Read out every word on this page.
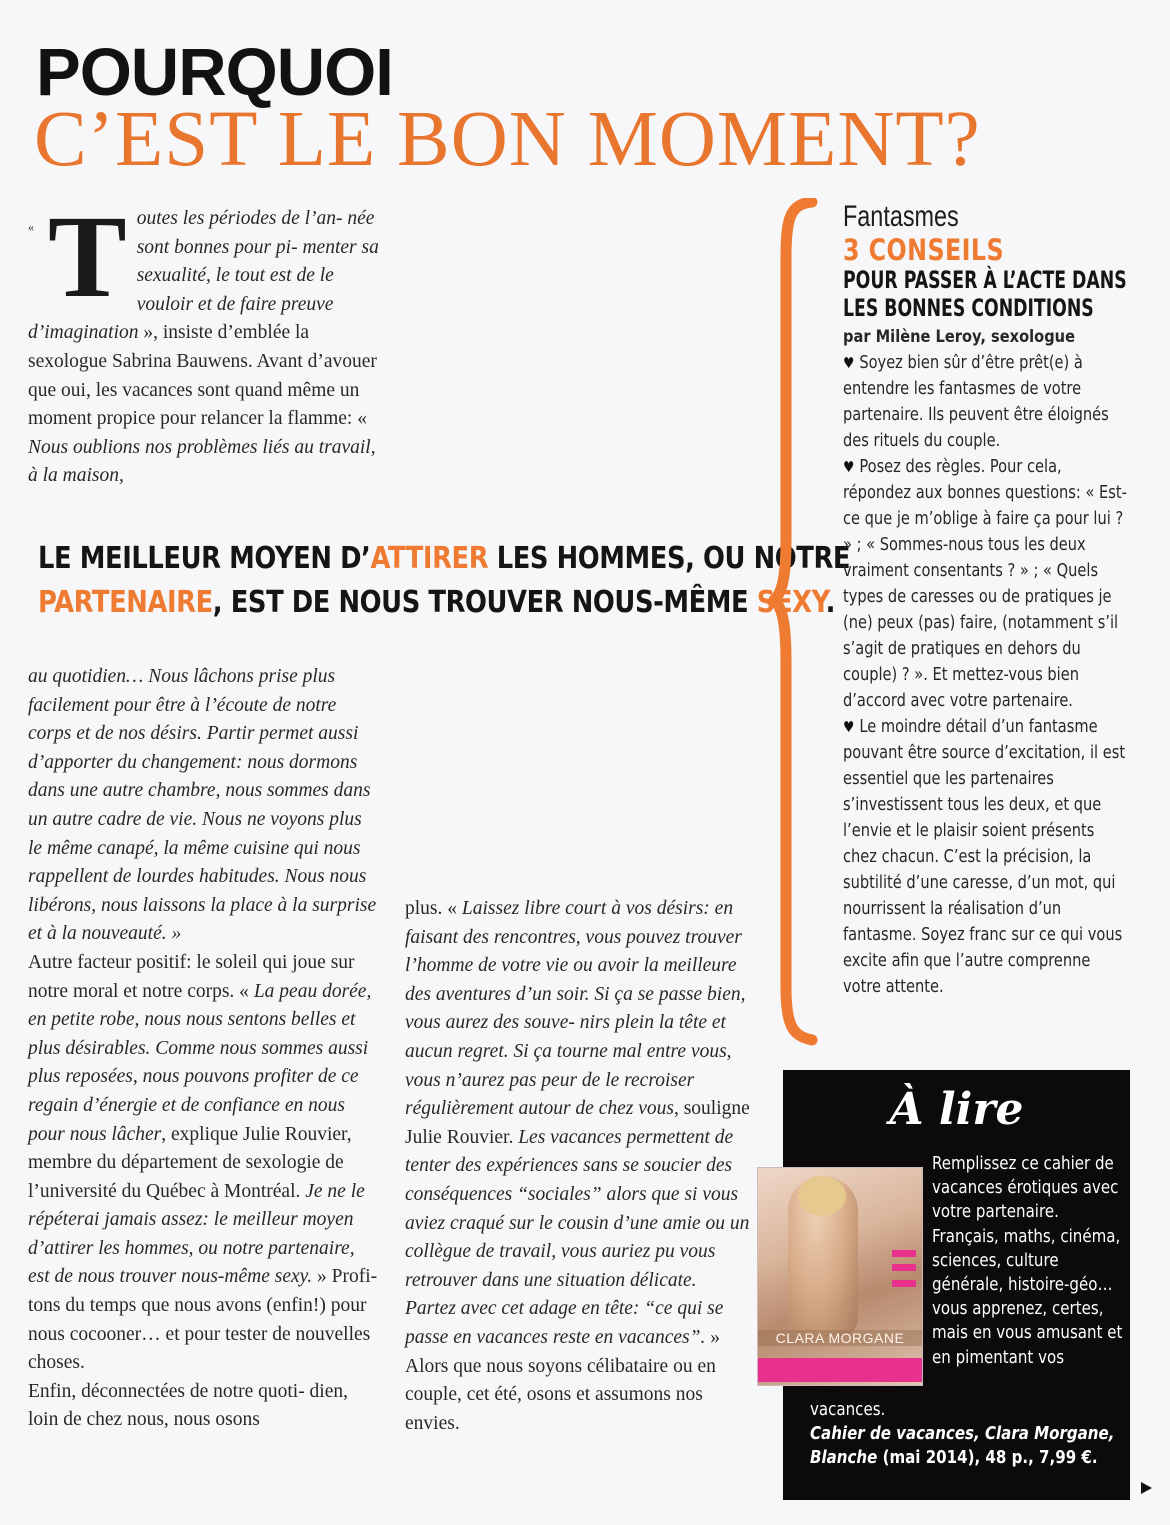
POURQUOI
C’EST LE BON MOMENT?
« T outes les périodes de l’an- née sont bonnes pour pi- menter sa sexualité, le tout est de le vouloir et de faire preuve d’imagination », insiste d’emblée la sexologue Sabrina Bauwens. Avant d’avouer que oui, les vacances sont quand même un moment propice pour relancer la flamme: « Nous oublions nos problèmes liés au travail, à la maison,

LE MEILLEUR MOYEN D’ATTIRER LES HOMMES, OU NOTRE
PARTENAIRE, EST DE NOUS TROUVER NOUS-MÊME SEXY.

au quotidien… Nous lâchons prise plus facilement pour être à l’écoute de notre corps et de nos désirs. Partir permet aussi d’apporter du changement: nous dormons dans une autre chambre, nous sommes dans un autre cadre de vie. Nous ne voyons plus le même canapé, la même cuisine qui nous rappellent de lourdes habitudes. Nous nous libérons, nous laissons la place à la surprise et à la nouveauté. »

Autre facteur positif: le soleil qui joue sur notre moral et notre corps. « La peau dorée, en petite robe, nous nous sentons belles et plus désirables. Comme nous sommes aussi plus reposées, nous pouvons profiter de ce regain d’énergie et de confiance en nous pour nous lâcher, explique Julie Rouvier, membre du département de sexologie de l’université du Québec à Montréal. Je ne le répéterai jamais assez: le meilleur moyen d’attirer les hommes, ou notre partenaire, est de nous trouver nous-même sexy. » Profi- tons du temps que nous avons (enfin!) pour nous cocooner… et pour tester de nouvelles choses.

Enfin, déconnectées de notre quoti- dien, loin de chez nous, nous osons

plus. « Laissez libre court à vos désirs: en faisant des rencontres, vous pouvez trouver l’homme de votre vie ou avoir la meilleure des aventures d’un soir. Si ça se passe bien, vous aurez des souve- nirs plein la tête et aucun regret. Si ça tourne mal entre vous, vous n’aurez pas peur de le recroiser régulièrement autour de chez vous, souligne Julie Rouvier. Les vacances permettent de tenter des expériences sans se soucier des conséquences “sociales” alors que si vous aviez craqué sur le cousin d’une amie ou un collègue de travail, vous auriez pu vous retrouver dans une situation délicate. Partez avec cet adage en tête: “ce qui se passe en vacances reste en vacances”. »

Alors que nous soyons célibataire ou en couple, cet été, osons et assumons nos envies.

Fantasmes
3 CONSEILS
POUR PASSER À L’ACTE DANS
LES BONNES CONDITIONS
par Milène Leroy, sexologue

♥ Soyez bien sûr d’être prêt(e) à entendre les fantasmes de votre partenaire. Ils peuvent être éloignés des rituels du couple.

♥ Posez des règles. Pour cela, répondez aux bonnes questions: « Est-ce que je m’oblige à faire ça pour lui ? » ; « Sommes-nous tous les deux vraiment consentants ? » ; « Quels types de caresses ou de pratiques je (ne) peux (pas) faire, (notamment s’il s’agit de pratiques en dehors du couple) ? ». Et mettez-vous bien d’accord avec votre partenaire.

♥ Le moindre détail d’un fantasme pouvant être source d’excitation, il est essentiel que les partenaires s’investissent tous les deux, et que l’envie et le plaisir soient présents chez chacun. C’est la précision, la subtilité d’une caresse, d’un mot, qui nourrissent la réalisation d’un fantasme. Soyez franc sur ce qui vous excite afin que l’autre comprenne votre attente.

À lire
CLARA MORGANE

Remplissez ce cahier de vacances érotiques avec votre partenaire. Français, maths, cinéma, sciences, culture générale, histoire-géo… vous apprenez, certes, mais en vous amusant et en pimentant vos

vacances.

Cahier de vacances, Clara Morgane, Blanche (mai 2014), 48 p., 7,99 €.
